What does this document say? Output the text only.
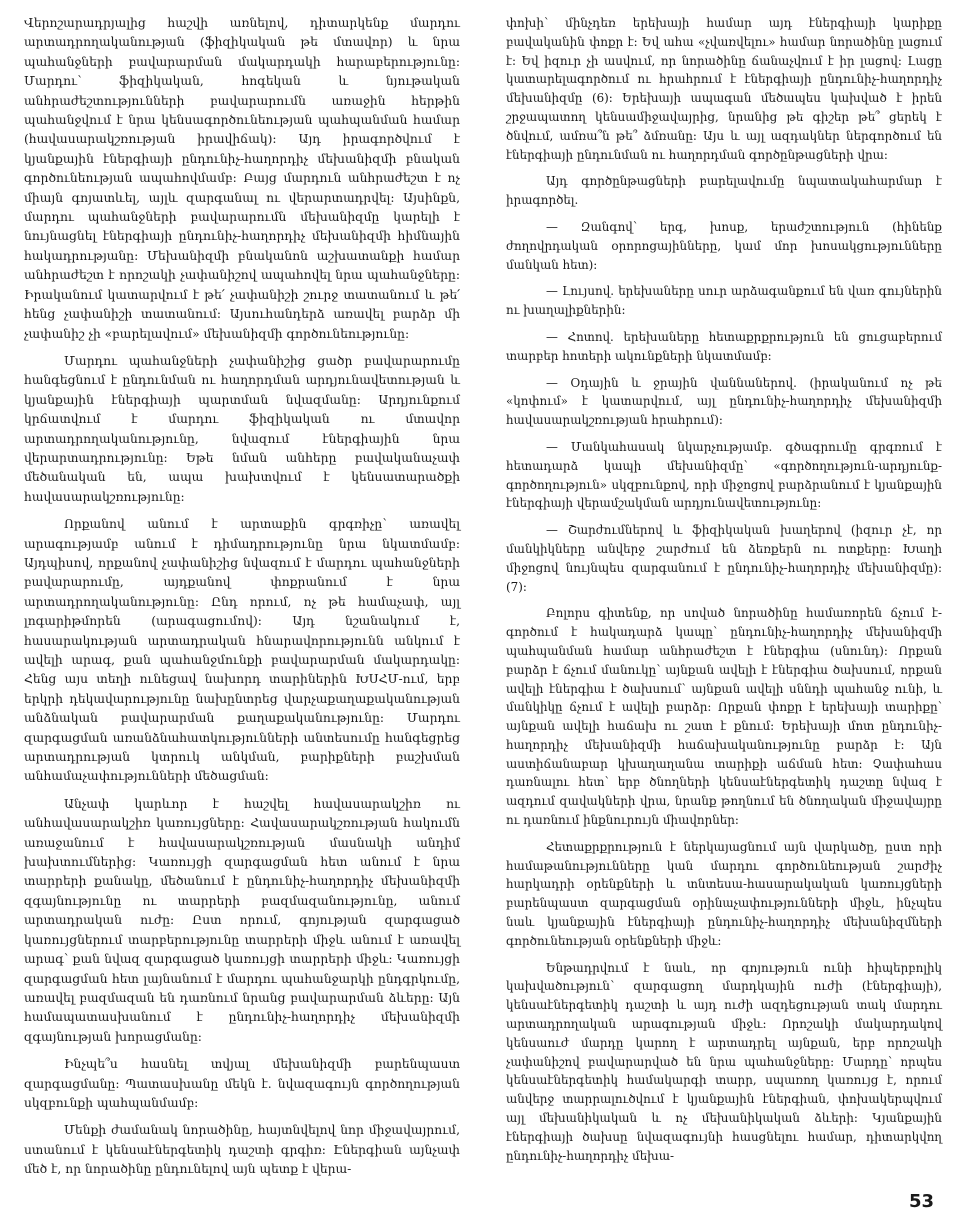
Վերոշարադրյալից հաշվի առնելով, դիտարկենք մարդու արտադրողականության (ֆիզիկական թե մտավոր) և նրա պահանջների բավարարման մակարդակի հարաբերությունը: Մարդու՝ ֆիզիկական, հոգեկան և նյութական անհրաժեշտությունների բավարարումն առաջին հերթին պահանջվում է նրա կենսագործունեության պահպանման համար (հավասարակշռության իրավիճակ): Այդ իրագործվում է կյանքային էներգիայի ընդունիչ-հաղորդիչ մեխանիզմի բնական գործունեության ապահովմամբ: Բայց մարդուն անհրաժեշտ է ոչ միայն գոյատևել, այլև զարգանալ ու վերարտադրվել: Այսինքն, մարդու պահանջների բավարարումն մեխանիզմը կարելի է նույնացնել էներգիայի ընդունիչ-հաղորդիչ մեխանիզմի հիմնային հակադրությանը: Մեխանիզմի բնականոն աշխատանքի համար անհրաժեշտ է որոշակի չափանիշով ապահովել նրա պահանջները: Իրականում կատարվում է թե՛ չափանիշի շուրջ տատանում և թե՛ հենց չափանիշի տատանում: Այսուհանդերձ առավել բարձր մի չափանիշ չի «բարելավում» մեխանիզմի գործունեությունը:

Մարդու պահանջների չափանիշից ցածր բավարարումը հանգեցնում է ընդունման ու հաղորդման արդյունավետության և կյանքային էներգիայի պարտման նվազմանը: Արդյունքում կրճատվում է մարդու ֆիզիկական ու մտավոր արտադրողականությունը, նվազում էներգիային նրա վերարտադրությունը: Եթե նման անհերը բավականաչափ մեծանական են, ապա խախտվում է կենսատարածքի հավասարակշռությունը:

Որքանով անում է արտաքին գրգռիչը՝ առավել արագությամբ անում է դիմադրությունը նրա նկատմամբ: Այդպիսով, որքանով չափանիշից նվազում է մարդու պահանջների բավարարումը, այդքանով փոքրանում է նրա արտադրողականությունը: Ընդ որում, ոչ թե համաչափ, այլ լոգարիթմորեն (արագացումով): Այդ նշանակում է, հասարակության արտադրական հնարավորությունն անկում է ավելի արագ, քան պահանջմունքի բավարարման մակարդակը: Հենց այս տեղի ունեցավ նախորդ տարիներին ԽՍՀՄ-ում, երբ երկրի դեկավարությունը նախընտրեց վարչաքաղաքականության անձնական բավարարման քաղաքականությունը: Մարդու զարգացման առանձնահատկությունների անտեսումը հանգեցրեց արտադրության կտրուկ անկման, բարիքների բաշխման անհամաչափությունների մեծացման:

Անչափ կարևոր է հաշվել հավասարակշիռ ու անհավասարակշիռ կառույցները: Հավասարակշռության հակումն առաջանում է հավասարակշռության մասնակի անդիմ խախտումներից: Կառույցի զարգացման հետ անում է նրա տարրերի քանակը, մեծանում է ընդունիչ-հաղորդիչ մեխանիզմի զգայնությունը ու տարրերի բազմազանությունը, անում արտադրական ուժը: Ըստ որում, գոյության զարգացած կառույցներում տարբերությունը տարրերի միջև անում է առավել արագ՝ քան նվազ զարգացած կառույցի տարրերի միջև: Կառույցի զարգացման հետ լայնանում է մարդու պահանջարկի ընդգրկումը, առավել բազմազան են դառնում նրանց բավարարման ձևերը: Այն համապատասխանում է ընդունիչ-հաղորդիչ մեխանիզմի զգայնության խորացմանը:

Ինչպե՞ս հասնել տվյալ մեխանիզմի բարենպաստ զարգացմանը: Պատասխանը մեկն է. նվազագույն գործողության սկզբունքի պահպանմամբ:

Մենքի ժամանակ նորածինը, հայտնվելով նոր միջավայրում, ստանում է կենսաէներգետիկ դաշտի գրգիռ: Էներգիան այնչափ մեծ է, որ նորածինը ընդունելով այն պետք է վերա-

փոխի՝ մինչդեռ երեխայի համար այդ էներգիայի կարիքը բավականին փոքր է: Եվ ահա «չվառվելու» համար նորածինը լացում է: Եվ իզուր չի ասվում, որ նորածինը ճանաչվում է իր լացով: Լացը կատարելագործում ու հրահրում է էներգիայի ընդունիչ-հաղորդիչ մեխանիզմը (6): Երեխայի ապագան մեծապես կախված է իրեն շրջապատող կենսամիջավայրից, նրանից թե գիշեր թե՞ ցերեկ է ծնվում, ամռա՞ն թե՞ ձմռանը: Այս և այլ ազդակներ ներգործում են էներգիայի ընդունման ու հաղորդման գործընթացների վրա:

Այդ գործընթացների բարելավումը նպատակահարմար է իրագործել.

— Զանգով՝ երգ, խոսք, երաժշտություն (հինենք ժողովրդական օրորոցայինները, կամ մոր խոսակցությունները մանկան հետ):

— Լույսով. երեխաները սուր արձագանքում են վառ գույներին ու խաղալիքներին:

— Հոտով. երեխաները հետաքրքրություն են ցուցաբերում տարբեր հոտերի ակունքների նկատմամբ:

— Օդային և ջրային վաննաներով. (իրականում ոչ թե «կոփում» է կատարվում, այլ ընդունիչ-հաղորդիչ մեխանիզմի հավասարակշռության հրահրում):

— Մանկահասակ նկարչությամբ. գծագրումը գրգռում է հետադարձ կապի մեխանիզմը՝ «գործողություն-արդյունք-գործողություն» սկզբունքով, որի միջոցով բարձրանում է կյանքային էներգիայի վերամշակման արդյունավետությունը:

— Շարժումներով և ֆիզիկական խաղերով (իզուր չէ, որ մանկիկները անվերջ շարժում են ձեռքերն ու ոտքերը: Խաղի միջոցով նույնպես զարգանում է ընդունիչ-հաղորդիչ մեխանիզմը): (7):

Բոլորս գիտենք, որ սոված նորածինը համառորեն ճչում է-գործում է հակադարձ կապը՝ ընդունիչ-հաղորդիչ մեխանիզմի պահպանման համար անհրաժեշտ է էներգիա (սնունդ): Որքան բարձր է ճչում մանուկը՝ այնքան ավելի է էներգիա ծախսում, որքան ավելի էներգիա է ծախսում՝ այնքան ավելի սննդի պահանջ ունի, և մանկիկը ճչում է ավելի բարձր: Որքան փոքր է երեխայի տարիքը՝ այնքան ավելի հաճախ ու շատ է քնում: Երեխայի մոտ ընդունիչ-հաղորդիչ մեխանիզմի հաճախականությունը բարձր է: Այն աստիճանաբար կխաղաղանա տարիքի աճման հետ: Չափահաս դառնալու հետ՝ երբ ծնողների կենսաէներգետիկ դաշտը նվազ է ազդում զավակների վրա, նրանք թողնում են ծնողական միջավայրը ու դառնում ինքնուրույն միավորներ:

Հետաքրքրություն է ներկայացնում այն վարկածը, ըստ որի համաթանությունները կան մարդու գործունեության շարժիչ հարկադրի օրենքների և տնտեսա-հասարակական կառույցների բարենպաստ զարգացման օրինաչափությունների միջև, ինչպես նաև կյանքային էներգիայի ընդունիչ-հաղորդիչ մեխանիզմների գործունեության օրենքների միջև:

Ենթադրվում է նաև, որ գոյություն ունի հիպերբոլիկ կախվածություն՝ զարգացող մարդկային ուժի (էներգիայի), կենսաէներգետիկ դաշտի և այդ ուժի ազդեցության տակ մարդու արտադրողական արագության միջև: Որոշակի մակարդակով կենսաուժ մարդը կարող է արտադրել այնքան, երբ որոշակի չափանիշով բավարարված են նրա պահանջները: Մարդը՝ որպես կենսաէներգետիկ համակարգի տարր, սպառող կառույց է, որում անվերջ տարրալուծվում է կյանքային էներգիան, փոխակերպվում այլ մեխանիկական և ոչ մեխանիկական ձևերի: Կյանքային էներգիայի ծախսը նվազագույնի հասցնելու համար, դիտարկվող ընդունիչ-հաղորդիչ մեխա-

53
